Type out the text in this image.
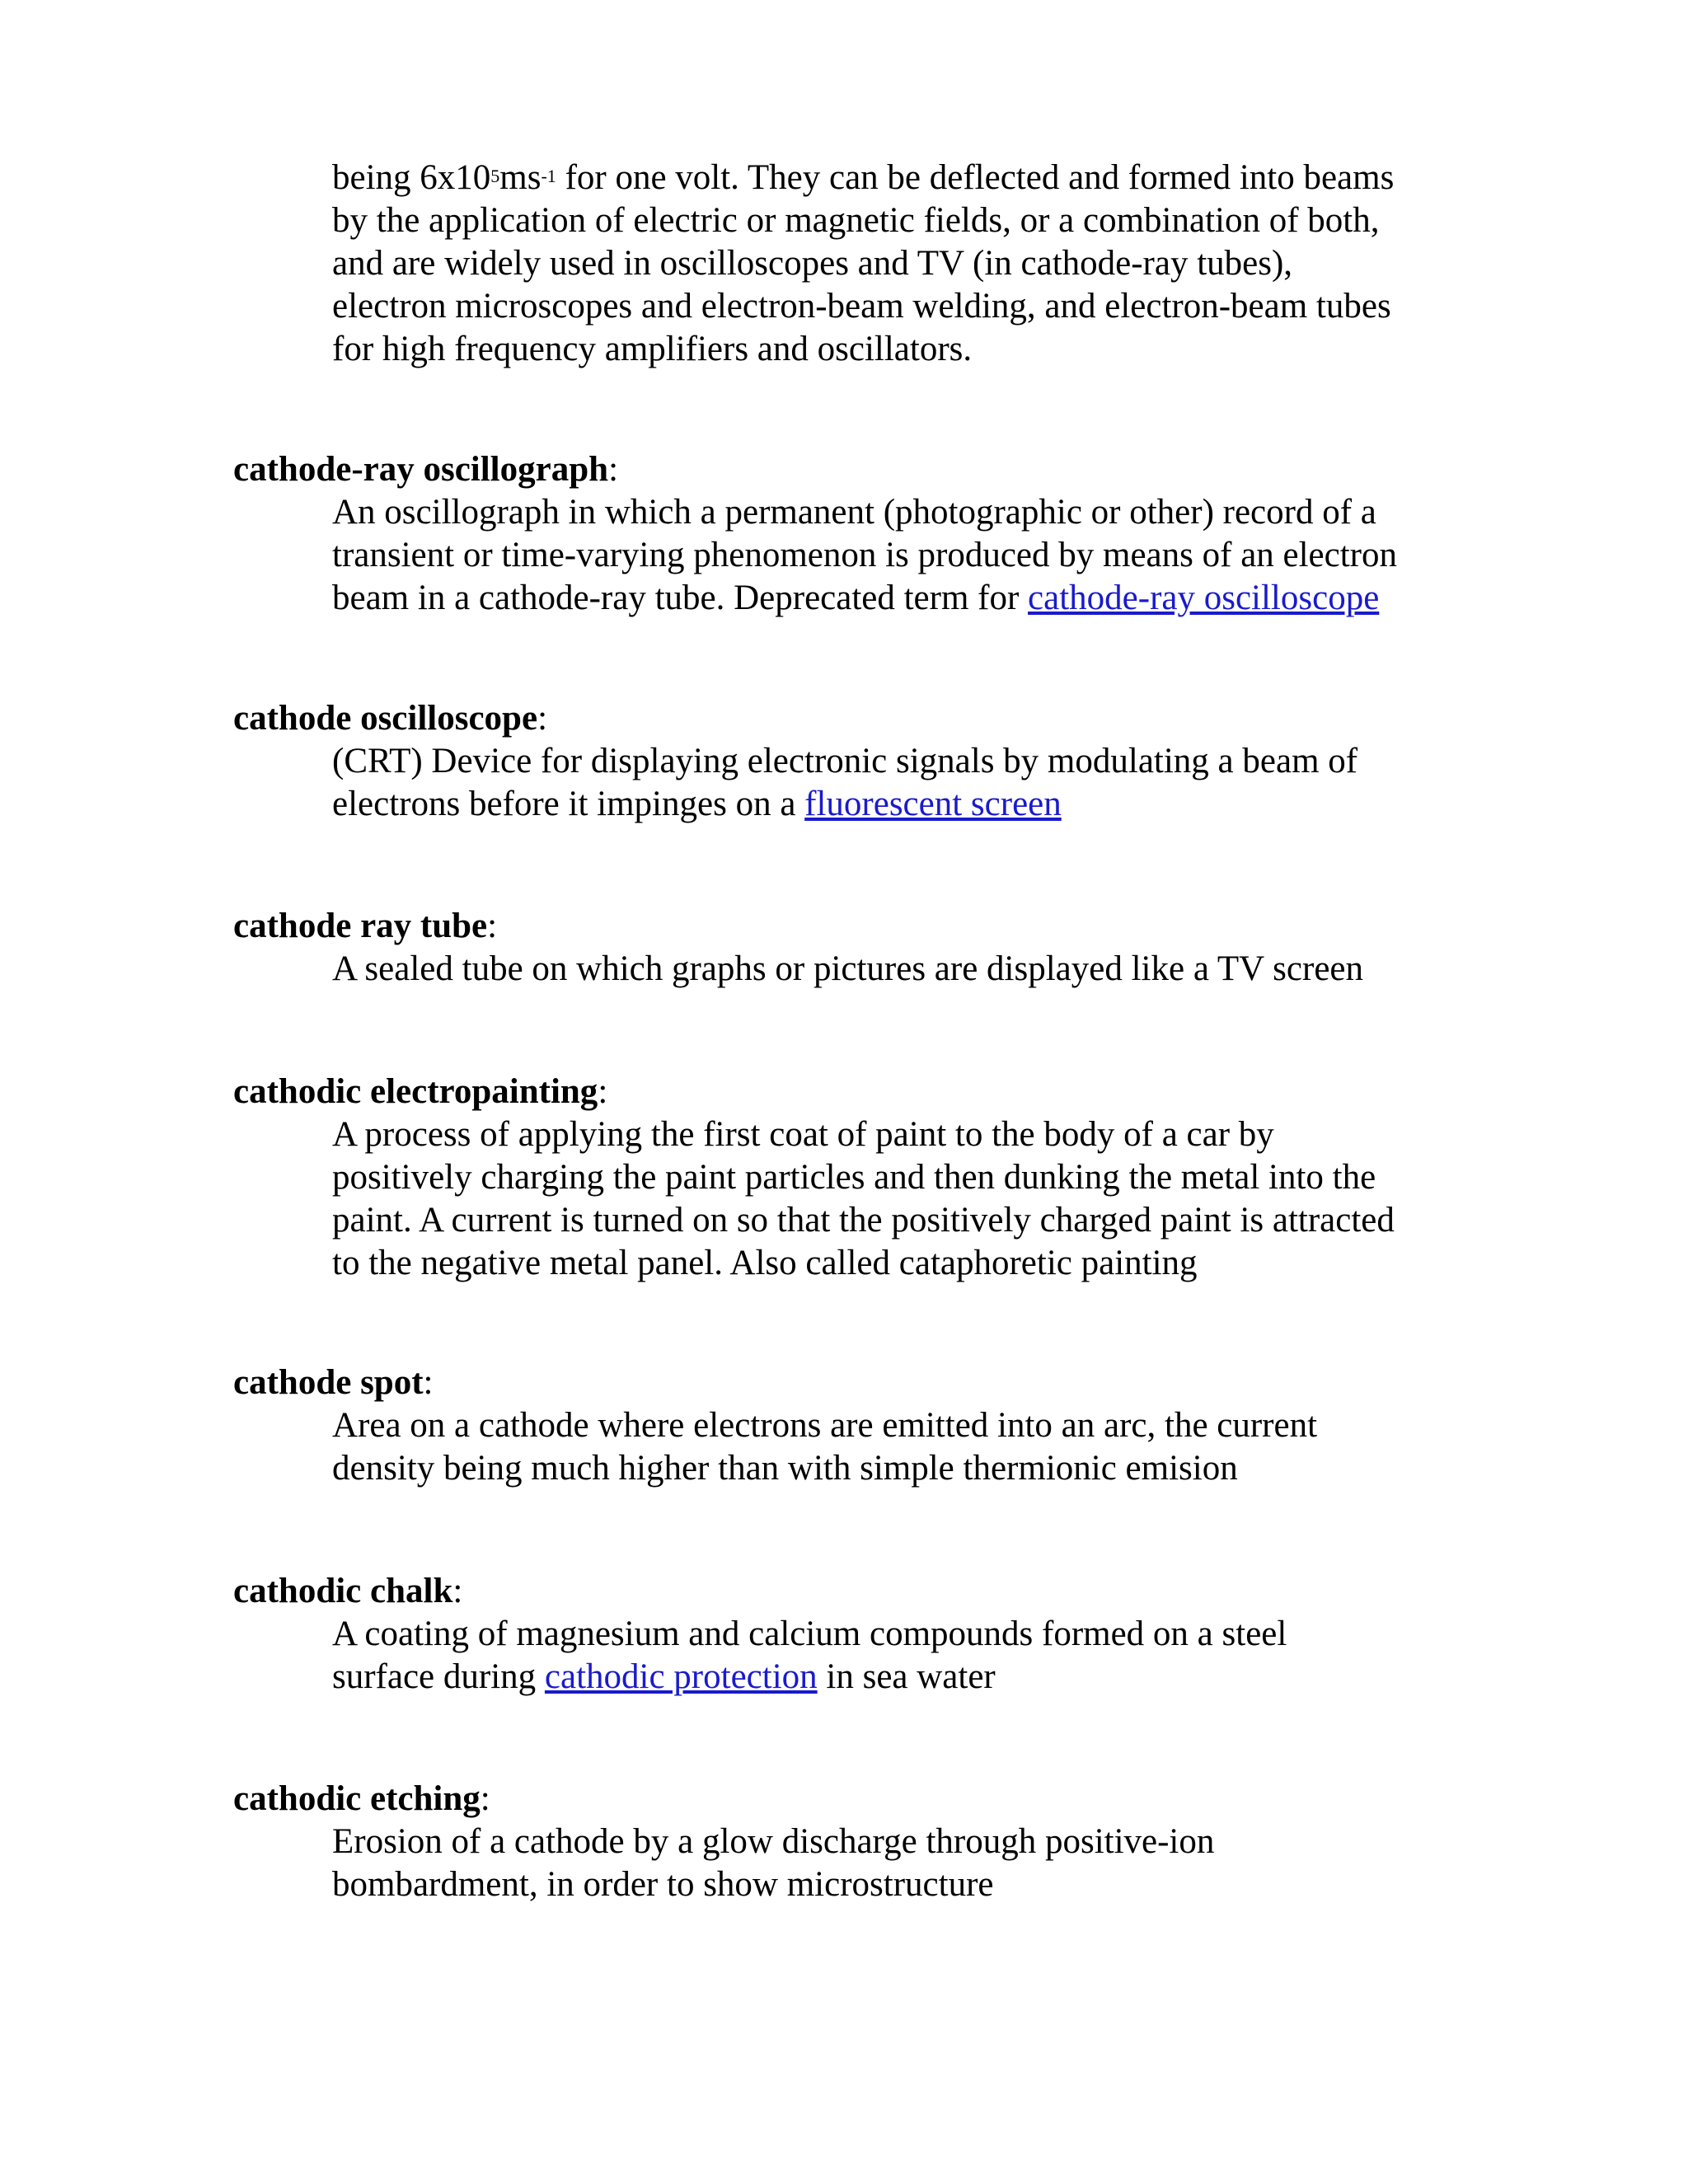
being $6x10^5ms^{-1}$ for one volt. They can be deflected and formed into beams
by the application of electric or magnetic fields, or a combination of both,
and are widely used in oscilloscopes and TV (in cathode-ray tubes),
electron microscopes and electron-beam welding, and electron-beam tubes
for high frequency amplifiers and oscillators.
cathode-ray oscillograph:
An oscillograph in which a permanent (photographic or other) record of a
transient or time-varying phenomenon is produced by means of an electron
beam in a cathode-ray tube. Deprecated term for cathode-ray oscilloscope
cathode oscilloscope:
(CRT) Device for displaying electronic signals by modulating a beam of
electrons before it impinges on a fluorescent screen
cathode ray tube:
A sealed tube on which graphs or pictures are displayed like a TV screen
cathodic electropainting:
A process of applying the first coat of paint to the body of a car by
positively charging the paint particles and then dunking the metal into the
paint. A current is turned on so that the positively charged paint is attracted
to the negative metal panel. Also called cataphoretic painting
cathode spot:
Area on a cathode where electrons are emitted into an arc, the current
density being much higher than with simple thermionic emision
cathodic chalk:
A coating of magnesium and calcium compounds formed on a steel
surface during cathodic protection in sea water
cathodic etching:
Erosion of a cathode by a glow discharge through positive-ion
bombardment, in order to show microstructure
